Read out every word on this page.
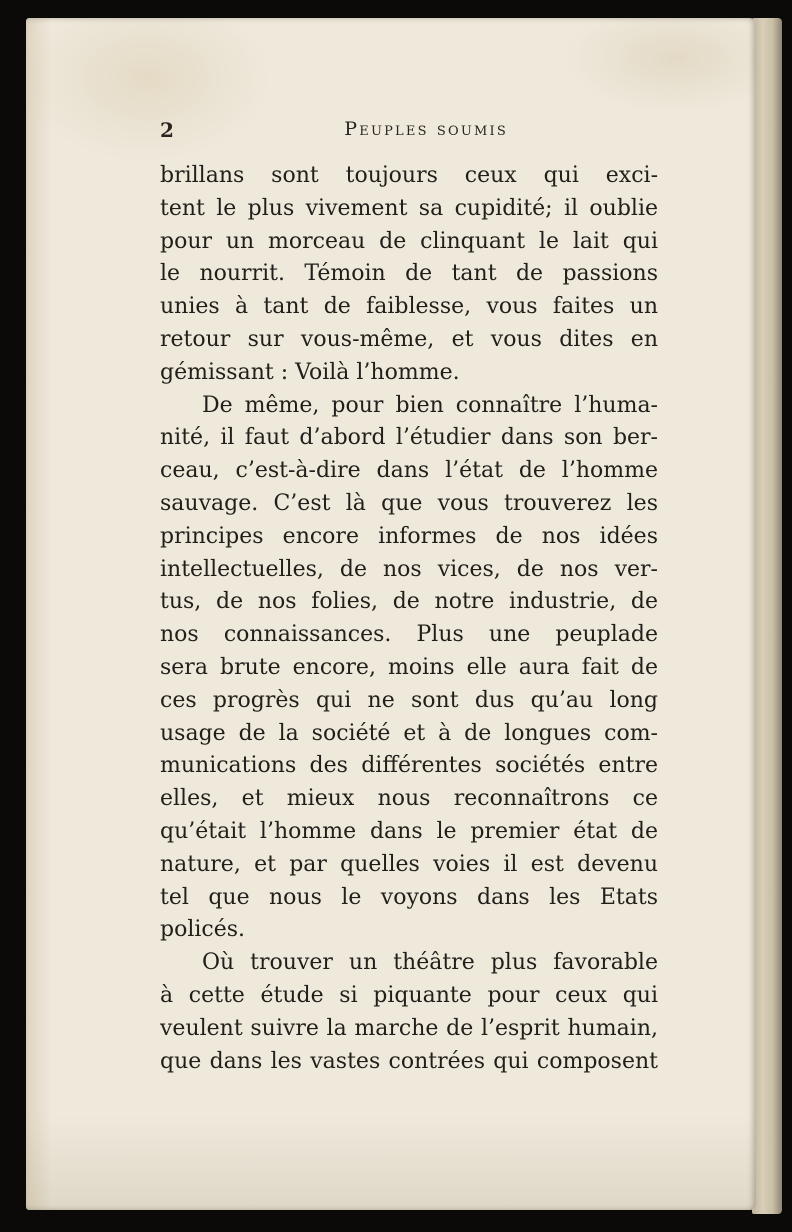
2	Peuples soumis
brillans sont toujours ceux qui exci-
tent le plus vivement sa cupidité; il oublie
pour un morceau de clinquant le lait qui
le nourrit. Témoin de tant de passions
unies à tant de faiblesse, vous faites un
retour sur vous-même, et vous dites en
gémissant : Voilà l’homme.
De même, pour bien connaître l’huma-
nité, il faut d’abord l’étudier dans son ber-
ceau, c’est-à-dire dans l’état de l’homme
sauvage. C’est là que vous trouverez les
principes encore informes de nos idées
intellectuelles, de nos vices, de nos ver-
tus, de nos folies, de notre industrie, de
nos connaissances. Plus une peuplade
sera brute encore, moins elle aura fait de
ces progrès qui ne sont dus qu’au long
usage de la société et à de longues com-
munications des différentes sociétés entre
elles, et mieux nous reconnaîtrons ce
qu’était l’homme dans le premier état de
nature, et par quelles voies il est devenu
tel que nous le voyons dans les Etats
policés.
Où trouver un théâtre plus favorable
à cette étude si piquante pour ceux qui
veulent suivre la marche de l’esprit humain,
que dans les vastes contrées qui composent
